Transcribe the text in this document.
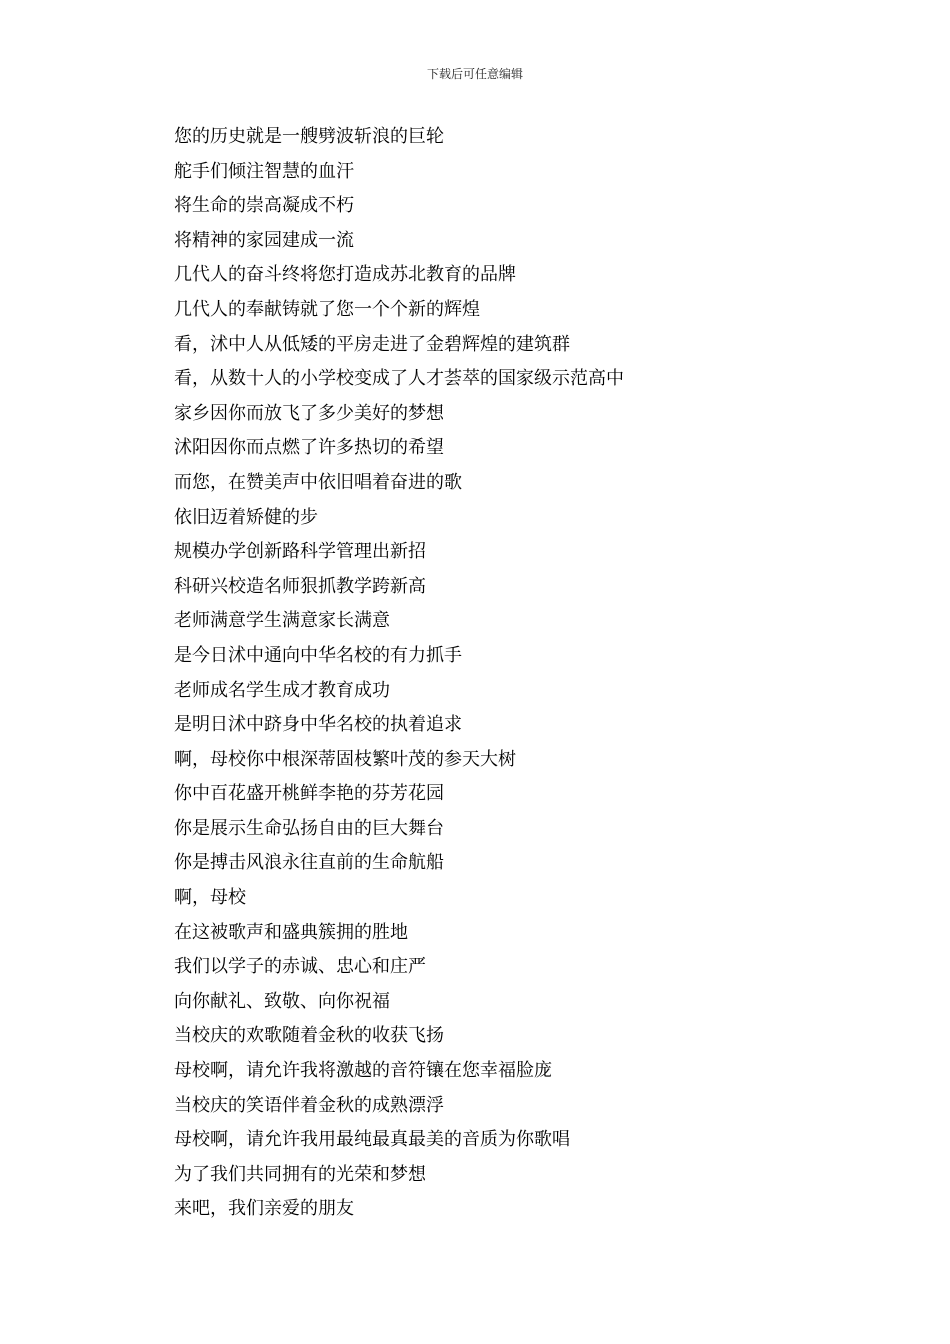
下载后可任意编辑
您的历史就是一艘劈波斩浪的巨轮
舵手们倾注智慧的血汗
将生命的崇高凝成不朽
将精神的家园建成一流
几代人的奋斗终将您打造成苏北教育的品牌
几代人的奉献铸就了您一个个新的辉煌
看，沭中人从低矮的平房走进了金碧辉煌的建筑群
看，从数十人的小学校变成了人才荟萃的国家级示范高中
家乡因你而放飞了多少美好的梦想
沭阳因你而点燃了许多热切的希望
而您，在赞美声中依旧唱着奋进的歌
依旧迈着矫健的步
规模办学创新路科学管理出新招
科研兴校造名师狠抓教学跨新高
老师满意学生满意家长满意
是今日沭中通向中华名校的有力抓手
老师成名学生成才教育成功
是明日沭中跻身中华名校的执着追求
啊，母校你中根深蒂固枝繁叶茂的参天大树
你中百花盛开桃鲜李艳的芬芳花园
你是展示生命弘扬自由的巨大舞台
你是搏击风浪永往直前的生命航船
啊，母校
在这被歌声和盛典簇拥的胜地
我们以学子的赤诚、忠心和庄严
向你献礼、致敬、向你祝福
当校庆的欢歌随着金秋的收获飞扬
母校啊，请允许我将激越的音符镶在您幸福脸庞
当校庆的笑语伴着金秋的成熟漂浮
母校啊，请允许我用最纯最真最美的音质为你歌唱
为了我们共同拥有的光荣和梦想
来吧，我们亲爱的朋友
